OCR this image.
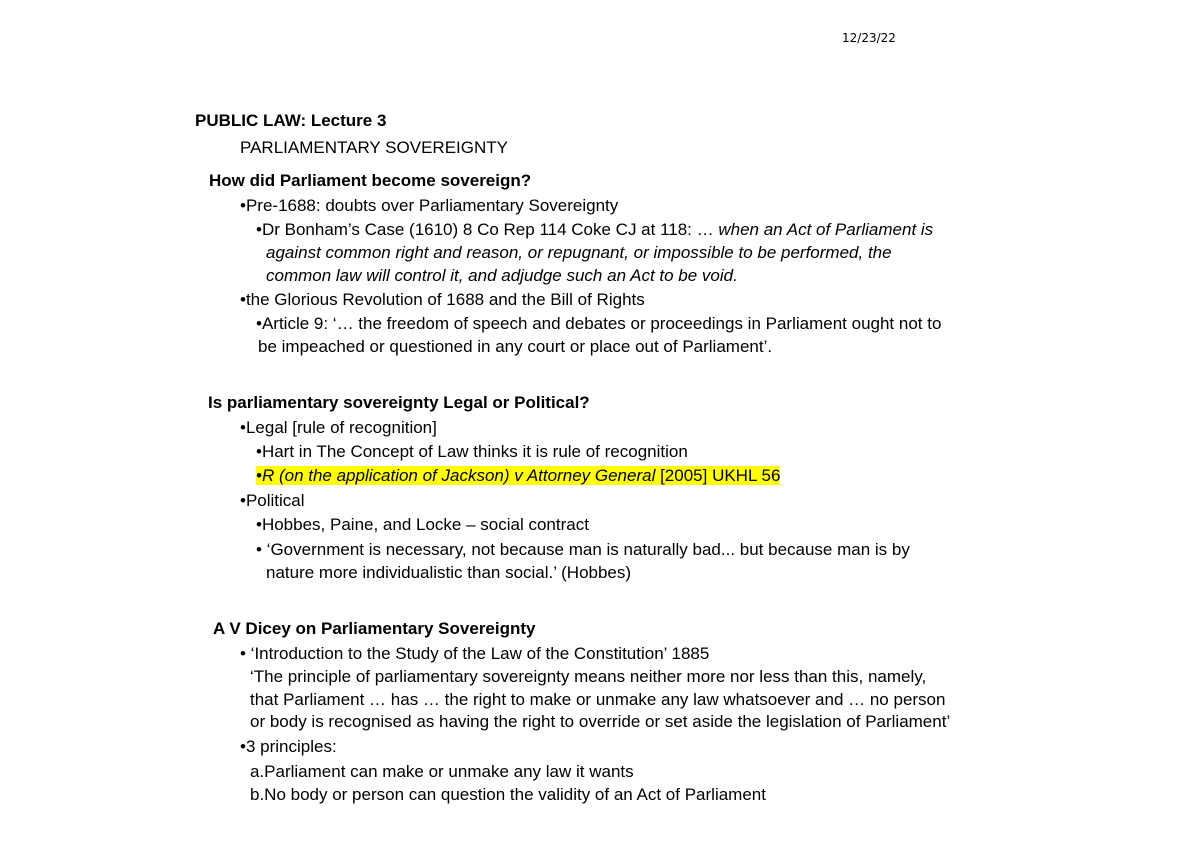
12/23/22
PUBLIC LAW: Lecture 3
PARLIAMENTARY SOVEREIGNTY
How did Parliament become sovereign?
•Pre-1688: doubts over Parliamentary Sovereignty
•Dr Bonham’s Case (1610) 8 Co Rep 114 Coke CJ at 118: … when an Act of Parliament is
against common right and reason, or repugnant, or impossible to be performed, the
common law will control it, and adjudge such an Act to be void.
•the Glorious Revolution of 1688 and the Bill of Rights
•Article 9: ‘… the freedom of speech and debates or proceedings in Parliament ought not to
be impeached or questioned in any court or place out of Parliament’.
Is parliamentary sovereignty Legal or Political?
•Legal [rule of recognition]
•Hart in The Concept of Law thinks it is rule of recognition
•R (on the application of Jackson) v Attorney General [2005] UKHL 56
•Political
•Hobbes, Paine, and Locke – social contract
• ‘Government is necessary, not because man is naturally bad... but because man is by
nature more individualistic than social.’ (Hobbes)
A V Dicey on Parliamentary Sovereignty
• ‘Introduction to the Study of the Law of the Constitution’ 1885
‘The principle of parliamentary sovereignty means neither more nor less than this, namely,
that Parliament … has … the right to make or unmake any law whatsoever and … no person
or body is recognised as having the right to override or set aside the legislation of Parliament’
•3 principles:
a.Parliament can make or unmake any law it wants
b.No body or person can question the validity of an Act of Parliament
